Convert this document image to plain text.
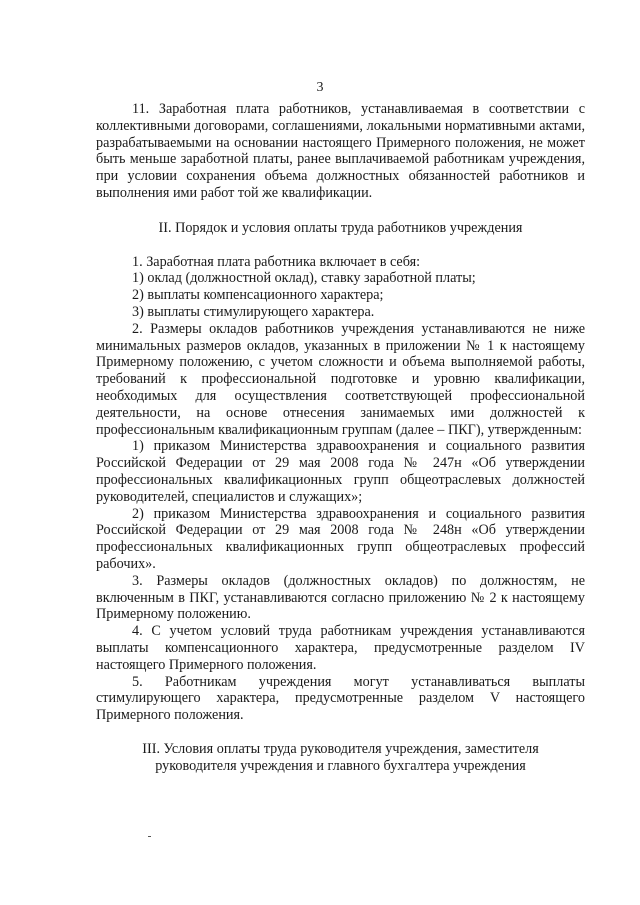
3

11. Заработная плата работников, устанавливаемая в соответствии с коллективными договорами, соглашениями, локальными нормативными актами, разрабатываемыми на основании настоящего Примерного положения, не может быть меньше заработной платы, ранее выплачиваемой работникам учреждения, при условии сохранения объема должностных обязанностей работников и выполнения ими работ той же квалификации.

II. Порядок и условия оплаты труда работников учреждения

1. Заработная плата работника включает в себя:

1) оклад (должностной оклад), ставку заработной платы;

2) выплаты компенсационного характера;

3) выплаты стимулирующего характера.

2. Размеры окладов работников учреждения устанавливаются не ниже минимальных размеров окладов, указанных в приложении № 1 к настоящему Примерному положению, с учетом сложности и объема выполняемой работы, требований к профессиональной подготовке и уровню квалификации, необходимых для осуществления соответствующей профессиональной деятельности, на основе отнесения занимаемых ими должностей к профессиональным квалификационным группам (далее – ПКГ), утвержденным:

1) приказом Министерства здравоохранения и социального развития Российской Федерации от 29 мая 2008 года № 247н «Об утверждении профессиональных квалификационных групп общеотраслевых должностей руководителей, специалистов и служащих»;

2) приказом Министерства здравоохранения и социального развития Российской Федерации от 29 мая 2008 года № 248н «Об утверждении профессиональных квалификационных групп общеотраслевых профессий рабочих».

3. Размеры окладов (должностных окладов) по должностям, не включенным в ПКГ, устанавливаются согласно приложению № 2 к настоящему Примерному положению.

4. С учетом условий труда работникам учреждения устанавливаются выплаты компенсационного характера, предусмотренные разделом IV настоящего Примерного положения.

5. Работникам учреждения могут устанавливаться выплаты стимулирующего характера, предусмотренные разделом V настоящего Примерного положения.

III. Условия оплаты труда руководителя учреждения, заместителя

руководителя учреждения и главного бухгалтера учреждения
